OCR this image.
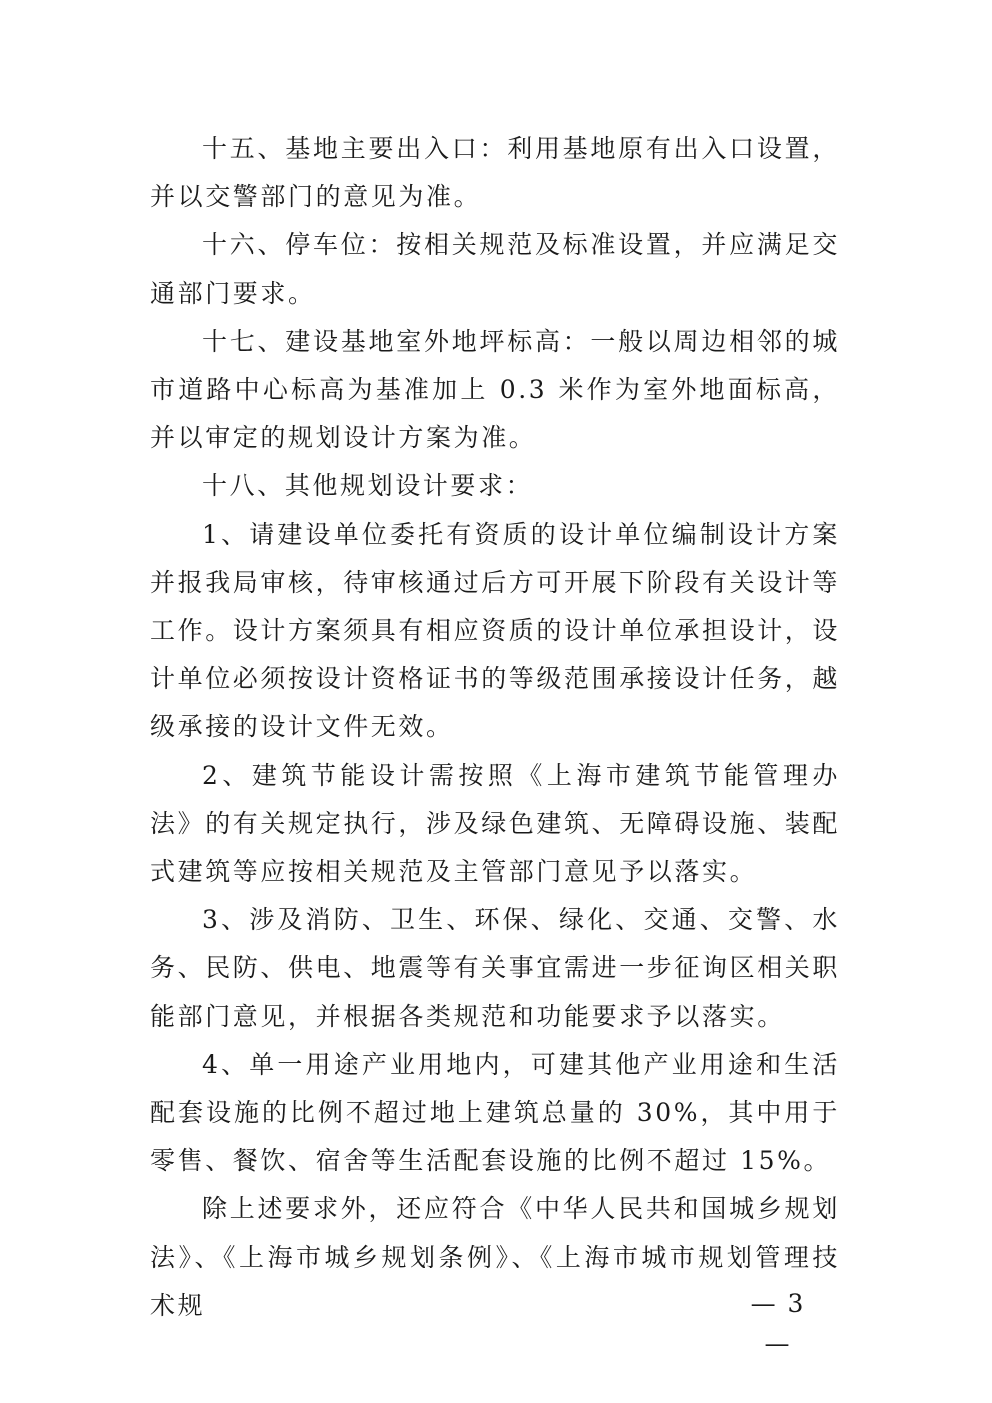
十五、基地主要出入口：利用基地原有出入口设置，并以交警部门的意见为准。

十六、停车位：按相关规范及标准设置，并应满足交通部门要求。

十七、建设基地室外地坪标高：一般以周边相邻的城市道路中心标高为基准加上 0.3 米作为室外地面标高，并以审定的规划设计方案为准。

十八、其他规划设计要求：

1、请建设单位委托有资质的设计单位编制设计方案并报我局审核，待审核通过后方可开展下阶段有关设计等工作。设计方案须具有相应资质的设计单位承担设计，设计单位必须按设计资格证书的等级范围承接设计任务，越级承接的设计文件无效。

2、建筑节能设计需按照《上海市建筑节能管理办法》的有关规定执行，涉及绿色建筑、无障碍设施、装配式建筑等应按相关规范及主管部门意见予以落实。

3、涉及消防、卫生、环保、绿化、交通、交警、水务、民防、供电、地震等有关事宜需进一步征询区相关职能部门意见，并根据各类规范和功能要求予以落实。

4、单一用途产业用地内，可建其他产业用途和生活配套设施的比例不超过地上建筑总量的 30%，其中用于零售、餐饮、宿舍等生活配套设施的比例不超过 15%。

除上述要求外，还应符合《中华人民共和国城乡规划法》、《上海市城乡规划条例》、《上海市城市规划管理技术规	— 3 —
